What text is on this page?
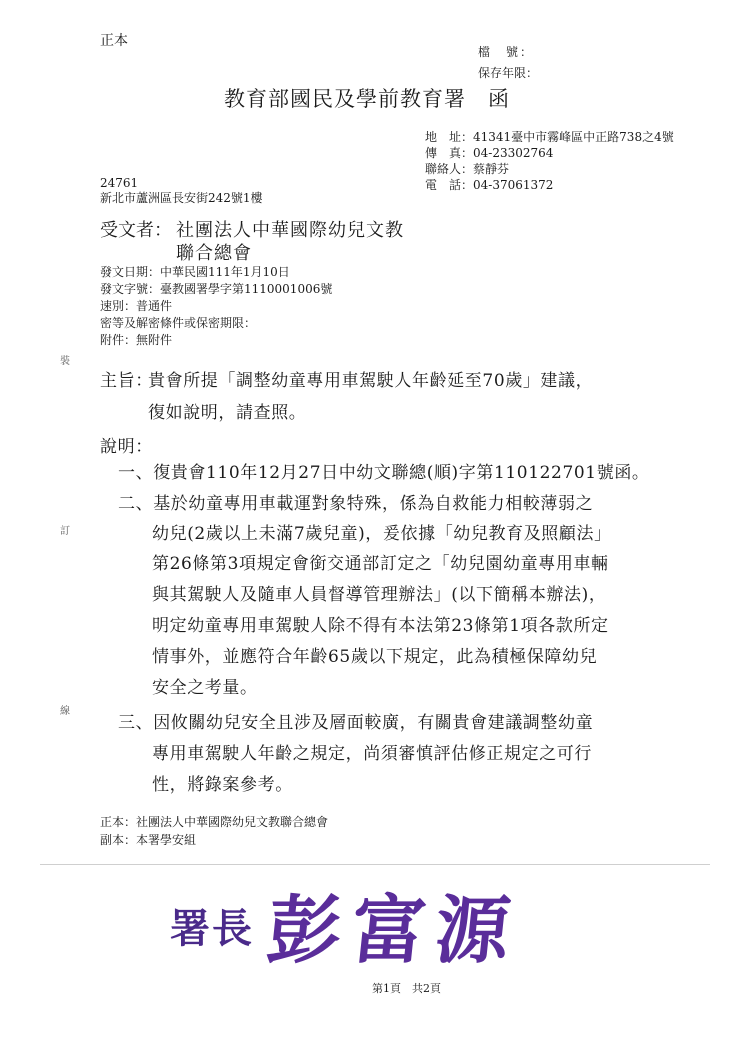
正本
檔　號：
保存年限：
教育部國民及學前教育署　函
地　址：41341臺中市霧峰區中正路738之4號
傳　真：04-23302764
聯絡人：蔡靜芬
電　話：04-37061372
24761
新北市蘆洲區長安街242號1樓
受文者： 社團法人中華國際幼兒文教
聯合總會
發文日期：中華民國111年1月10日
發文字號：臺教國署學字第1110001006號
速別：普通件
密等及解密條件或保密期限：
附件：無附件
裝
訂
線
主旨：
貴會所提「調整幼童專用車駕駛人年齡延至70歲」建議，
復如說明，請查照。
說明：
一、復貴會110年12月27日中幼文聯總(順)字第110122701號函。
二、基於幼童專用車載運對象特殊，係為自救能力相較薄弱之
幼兒(2歲以上未滿7歲兒童)，爰依據「幼兒教育及照顧法」
第26條第3項規定會銜交通部訂定之「幼兒園幼童專用車輛
與其駕駛人及隨車人員督導管理辦法」(以下簡稱本辦法)，
明定幼童專用車駕駛人除不得有本法第23條第1項各款所定
情事外，並應符合年齡65歲以下規定，此為積極保障幼兒
安全之考量。
三、因攸關幼兒安全且涉及層面較廣，有關貴會建議調整幼童
專用車駕駛人年齡之規定，尚須審慎評估修正規定之可行
性，將錄案參考。
正本：社團法人中華國際幼兒文教聯合總會
副本：本署學安組
署長 彭富源
第1頁　共2頁
